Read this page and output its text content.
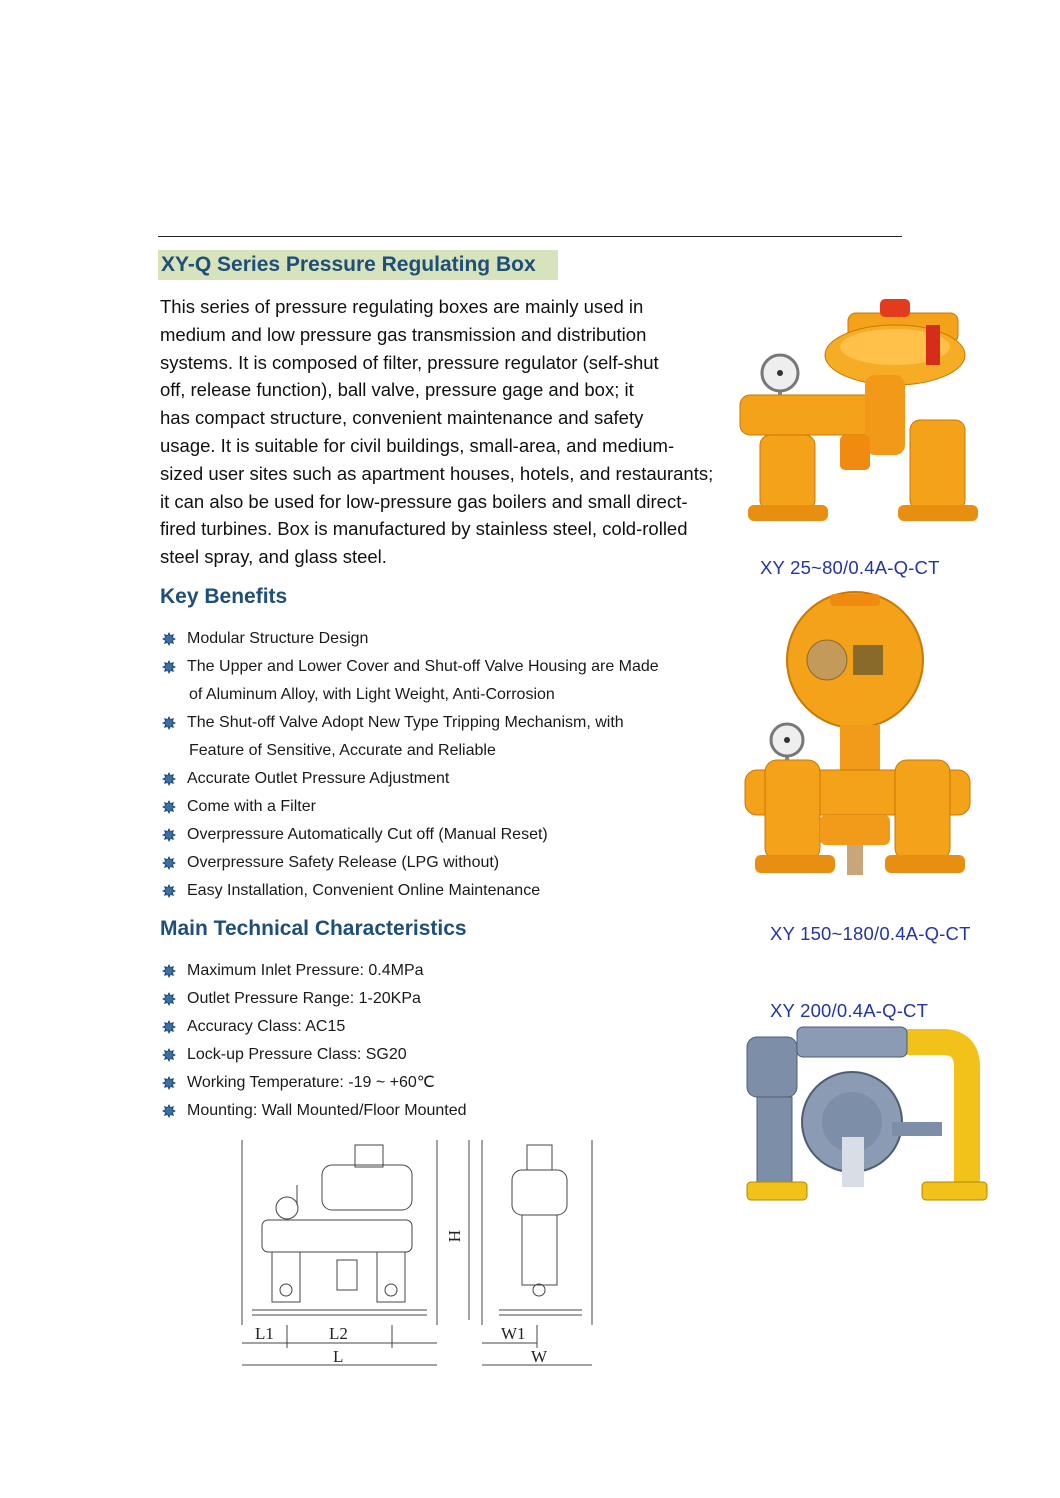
XY-Q Series Pressure Regulating Box
This series of pressure regulating boxes are mainly used in
medium and low pressure gas transmission and distribution
systems. It is composed of filter, pressure regulator (self-shut
off, release function), ball valve, pressure gage and box; it
has compact structure, convenient maintenance and safety
usage. It is suitable for civil buildings, small-area, and medium-
sized user sites such as apartment houses, hotels, and restaurants;
it can also be used for low-pressure gas boilers and small direct-
fired turbines. Box is manufactured by stainless steel, cold-rolled
steel spray, and glass steel.
Key Benefits
Modular Structure Design
The Upper and Lower Cover and Shut-off Valve Housing are Made
of Aluminum Alloy, with Light Weight, Anti-Corrosion
The Shut-off Valve Adopt New Type Tripping Mechanism, with
Feature of Sensitive, Accurate and Reliable
Accurate Outlet Pressure Adjustment
Come with a Filter
Overpressure Automatically Cut off (Manual Reset)
Overpressure Safety Release (LPG without)
Easy Installation, Convenient Online Maintenance
Main Technical Characteristics
Maximum Inlet Pressure: 0.4MPa
Outlet Pressure Range: 1-20KPa
Accuracy Class: AC15
Lock-up Pressure Class: SG20
Working Temperature: -19 ~ +60℃
Mounting: Wall Mounted/Floor Mounted
XY 25~80/0.4A-Q-CT
XY 150~180/0.4A-Q-CT
XY 200/0.4A-Q-CT
L1	L2
L
W1
W
H
